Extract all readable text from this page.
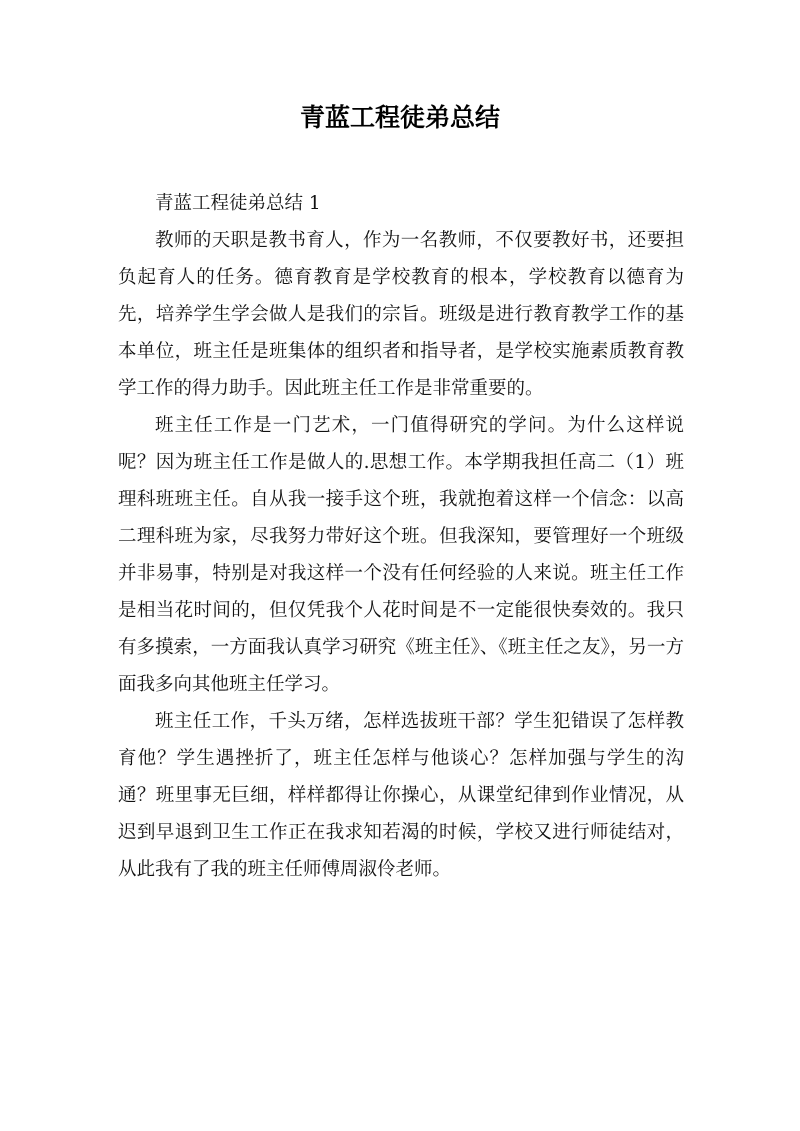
青蓝工程徒弟总结

青蓝工程徒弟总结 1

教师的天职是教书育人，作为一名教师，不仅要教好书，还要担负起育人的任务。德育教育是学校教育的根本，学校教育以德育为先，培养学生学会做人是我们的宗旨。班级是进行教育教学工作的基本单位，班主任是班集体的组织者和指导者，是学校实施素质教育教学工作的得力助手。因此班主任工作是非常重要的。

班主任工作是一门艺术，一门值得研究的学问。为什么这样说呢？因为班主任工作是做人的.思想工作。本学期我担任高二（1）班理科班班主任。自从我一接手这个班，我就抱着这样一个信念：以高二理科班为家，尽我努力带好这个班。但我深知，要管理好一个班级并非易事，特别是对我这样一个没有任何经验的人来说。班主任工作是相当花时间的，但仅凭我个人花时间是不一定能很快奏效的。我只有多摸索，一方面我认真学习研究《班主任》、《班主任之友》，另一方面我多向其他班主任学习。

班主任工作，千头万绪，怎样选拔班干部？学生犯错误了怎样教育他？学生遇挫折了，班主任怎样与他谈心？怎样加强与学生的沟通？班里事无巨细，样样都得让你操心，从课堂纪律到作业情况，从迟到早退到卫生工作正在我求知若渴的时候，学校又进行师徒结对，从此我有了我的班主任师傅周淑伶老师。
